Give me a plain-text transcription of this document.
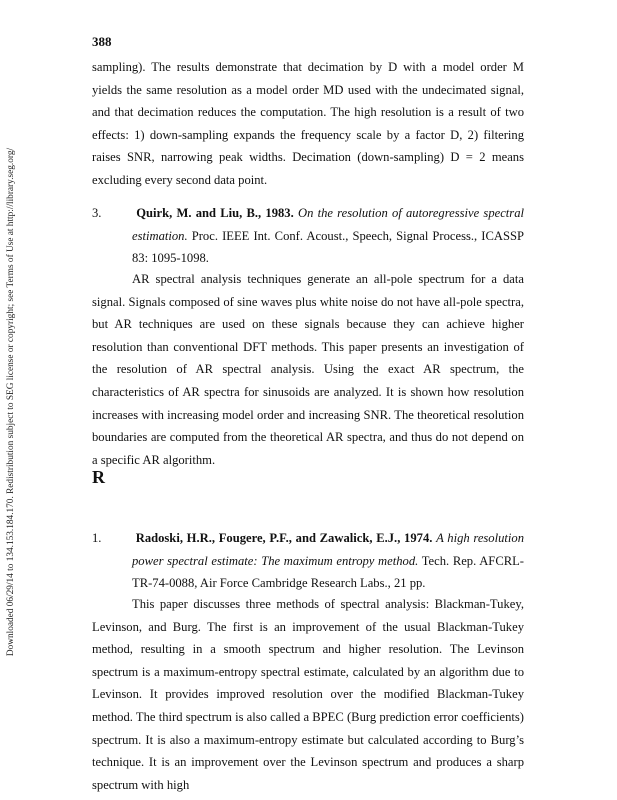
Downloaded 06/29/14 to 134.153.184.170. Redistribution subject to SEG license or copyright; see Terms of Use at http://library.seg.org/

388

sampling). The results demonstrate that decimation by D with a model order M yields the same resolution as a model order MD used with the undecimated signal, and that decimation reduces the computation. The high resolution is a result of two effects: 1) down-sampling expands the frequency scale by a factor D, 2) filtering raises SNR, narrowing peak widths. Decimation (down-sampling) D = 2 means excluding every second data point.

3.	Quirk, M. and Liu, B., 1983. On the resolution of autoregressive spectral estimation. Proc. IEEE Int. Conf. Acoust., Speech, Signal Process., ICASSP 83: 1095-1098.

AR spectral analysis techniques generate an all-pole spectrum for a data signal. Signals composed of sine waves plus white noise do not have all-pole spectra, but AR techniques are used on these signals because they can achieve higher resolution than conventional DFT methods. This paper presents an investigation of the resolution of AR spectral analysis. Using the exact AR spectrum, the characteristics of AR spectra for sinusoids are analyzed. It is shown how resolution increases with increasing model order and increasing SNR. The theoretical resolution boundaries are computed from the theoretical AR spectra, and thus do not depend on a specific AR algorithm.

R

1.	Radoski, H.R., Fougere, P.F., and Zawalick, E.J., 1974. A high resolution power spectral estimate: The maximum entropy method. Tech. Rep. AFCRL-TR-74-0088, Air Force Cambridge Research Labs., 21 pp.

This paper discusses three methods of spectral analysis: Blackman-Tukey, Levinson, and Burg. The first is an improvement of the usual Blackman-Tukey method, resulting in a smooth spectrum and higher resolution. The Levinson spectrum is a maximum-entropy spectral estimate, calculated by an algorithm due to Levinson. It provides improved resolution over the modified Blackman-Tukey method. The third spectrum is also called a BPEC (Burg prediction error coefficients) spectrum. It is also a maximum-entropy estimate but calculated according to Burg’s technique. It is an improvement over the Levinson spectrum and produces a sharp spectrum with high
